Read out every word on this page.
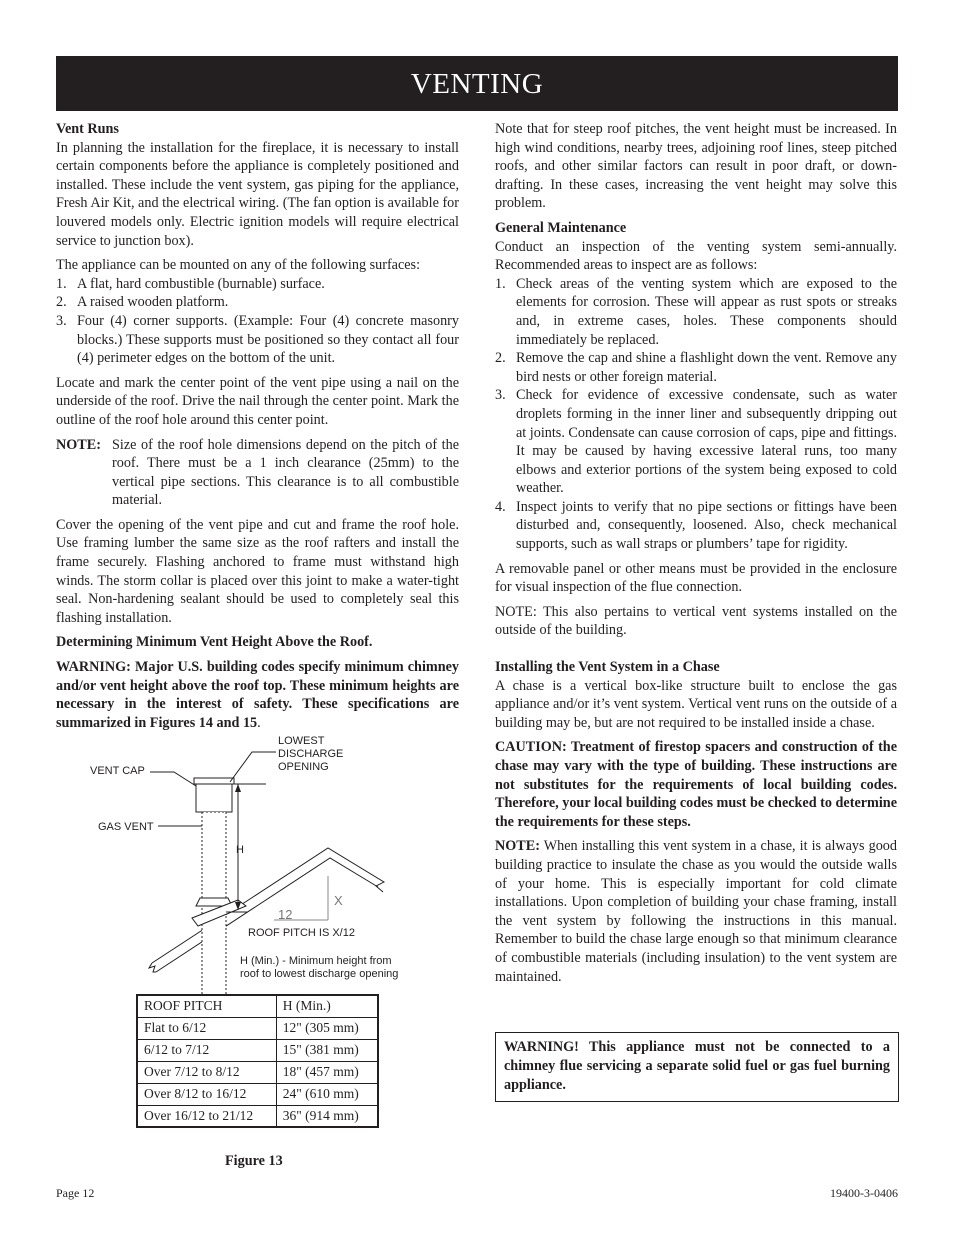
VENTING
Vent Runs

In planning the installation for the fireplace, it is necessary to install certain components before the appliance is completely positioned and installed. These include the vent system, gas piping for the appliance, Fresh Air Kit, and the electrical wiring. (The fan option is available for louvered models only. Electric ignition models will require electrical service to junction box).

The appliance can be mounted on any of the following surfaces:
1. A flat, hard combustible (burnable) surface.
2. A raised wooden platform.
3. Four (4) corner supports. (Example: Four (4) concrete masonry blocks.) These supports must be positioned so they contact all four (4) perimeter edges on the bottom of the unit.

Locate and mark the center point of the vent pipe using a nail on the underside of the roof. Drive the nail through the center point. Mark the outline of the roof hole around this center point.

NOTE: Size of the roof hole dimensions depend on the pitch of the roof. There must be a 1 inch clearance (25mm) to the vertical pipe sections. This clearance is to all combustible material.

Cover the opening of the vent pipe and cut and frame the roof hole. Use framing lumber the same size as the roof rafters and install the frame securely. Flashing anchored to frame must withstand high winds. The storm collar is placed over this joint to make a water-tight seal. Non-hardening sealant should be used to completely seal this flashing installation.

Determining Minimum Vent Height Above the Roof.

WARNING: Major U.S. building codes specify minimum chimney and/or vent height above the roof top. These minimum heights are necessary in the interest of safety. These specifications are summarized in Figures 14 and 15.

LOWEST
DISCHARGE
OPENING
VENT CAP
GAS VENT
H
12
X
ROOF PITCH IS X/12
H (Min.) - Minimum height from
roof to lowest discharge opening
ROOF PITCH	H (Min.)
Flat to 6/12	12" (305 mm)
6/12 to 7/12	15" (381 mm)
Over 7/12 to 8/12	18" (457 mm)
Over 8/12 to 16/12	24" (610 mm)
Over 16/12 to 21/12	36" (914 mm)
Figure 13

Note that for steep roof pitches, the vent height must be increased. In high wind conditions, nearby trees, adjoining roof lines, steep pitched roofs, and other similar factors can result in poor draft, or down-drafting. In these cases, increasing the vent height may solve this problem.

General Maintenance
Conduct an inspection of the venting system semi-annually. Recommended areas to inspect are as follows:
1. Check areas of the venting system which are exposed to the elements for corrosion. These will appear as rust spots or streaks and, in extreme cases, holes. These components should immediately be replaced.
2. Remove the cap and shine a flashlight down the vent. Remove any bird nests or other foreign material.
3. Check for evidence of excessive condensate, such as water droplets forming in the inner liner and subsequently dripping out at joints. Condensate can cause corrosion of caps, pipe and fittings. It may be caused by having excessive lateral runs, too many elbows and exterior portions of the system being exposed to cold weather.
4. Inspect joints to verify that no pipe sections or fittings have been disturbed and, consequently, loosened. Also, check mechanical supports, such as wall straps or plumbers’ tape for rigidity.

A removable panel or other means must be provided in the enclosure for visual inspection of the flue connection.

NOTE: This also pertains to vertical vent systems installed on the outside of the building.

Installing the Vent System in a Chase

A chase is a vertical box-like structure built to enclose the gas appliance and/or it’s vent system. Vertical vent runs on the outside of a building may be, but are not required to be installed inside a chase.

CAUTION: Treatment of firestop spacers and construction of the chase may vary with the type of building. These instructions are not substitutes for the requirements of local building codes. Therefore, your local building codes must be checked to determine the requirements for these steps.

NOTE: When installing this vent system in a chase, it is always good building practice to insulate the chase as you would the outside walls of your home. This is especially important for cold climate installations. Upon completion of building your chase framing, install the vent system by following the instructions in this manual. Remember to build the chase large enough so that minimum clearance of combustible materials (including insulation) to the vent system are maintained.

WARNING! This appliance must not be connected to a chimney flue servicing a separate solid fuel or gas fuel burning appliance.
Page 12	19400-3-0406
